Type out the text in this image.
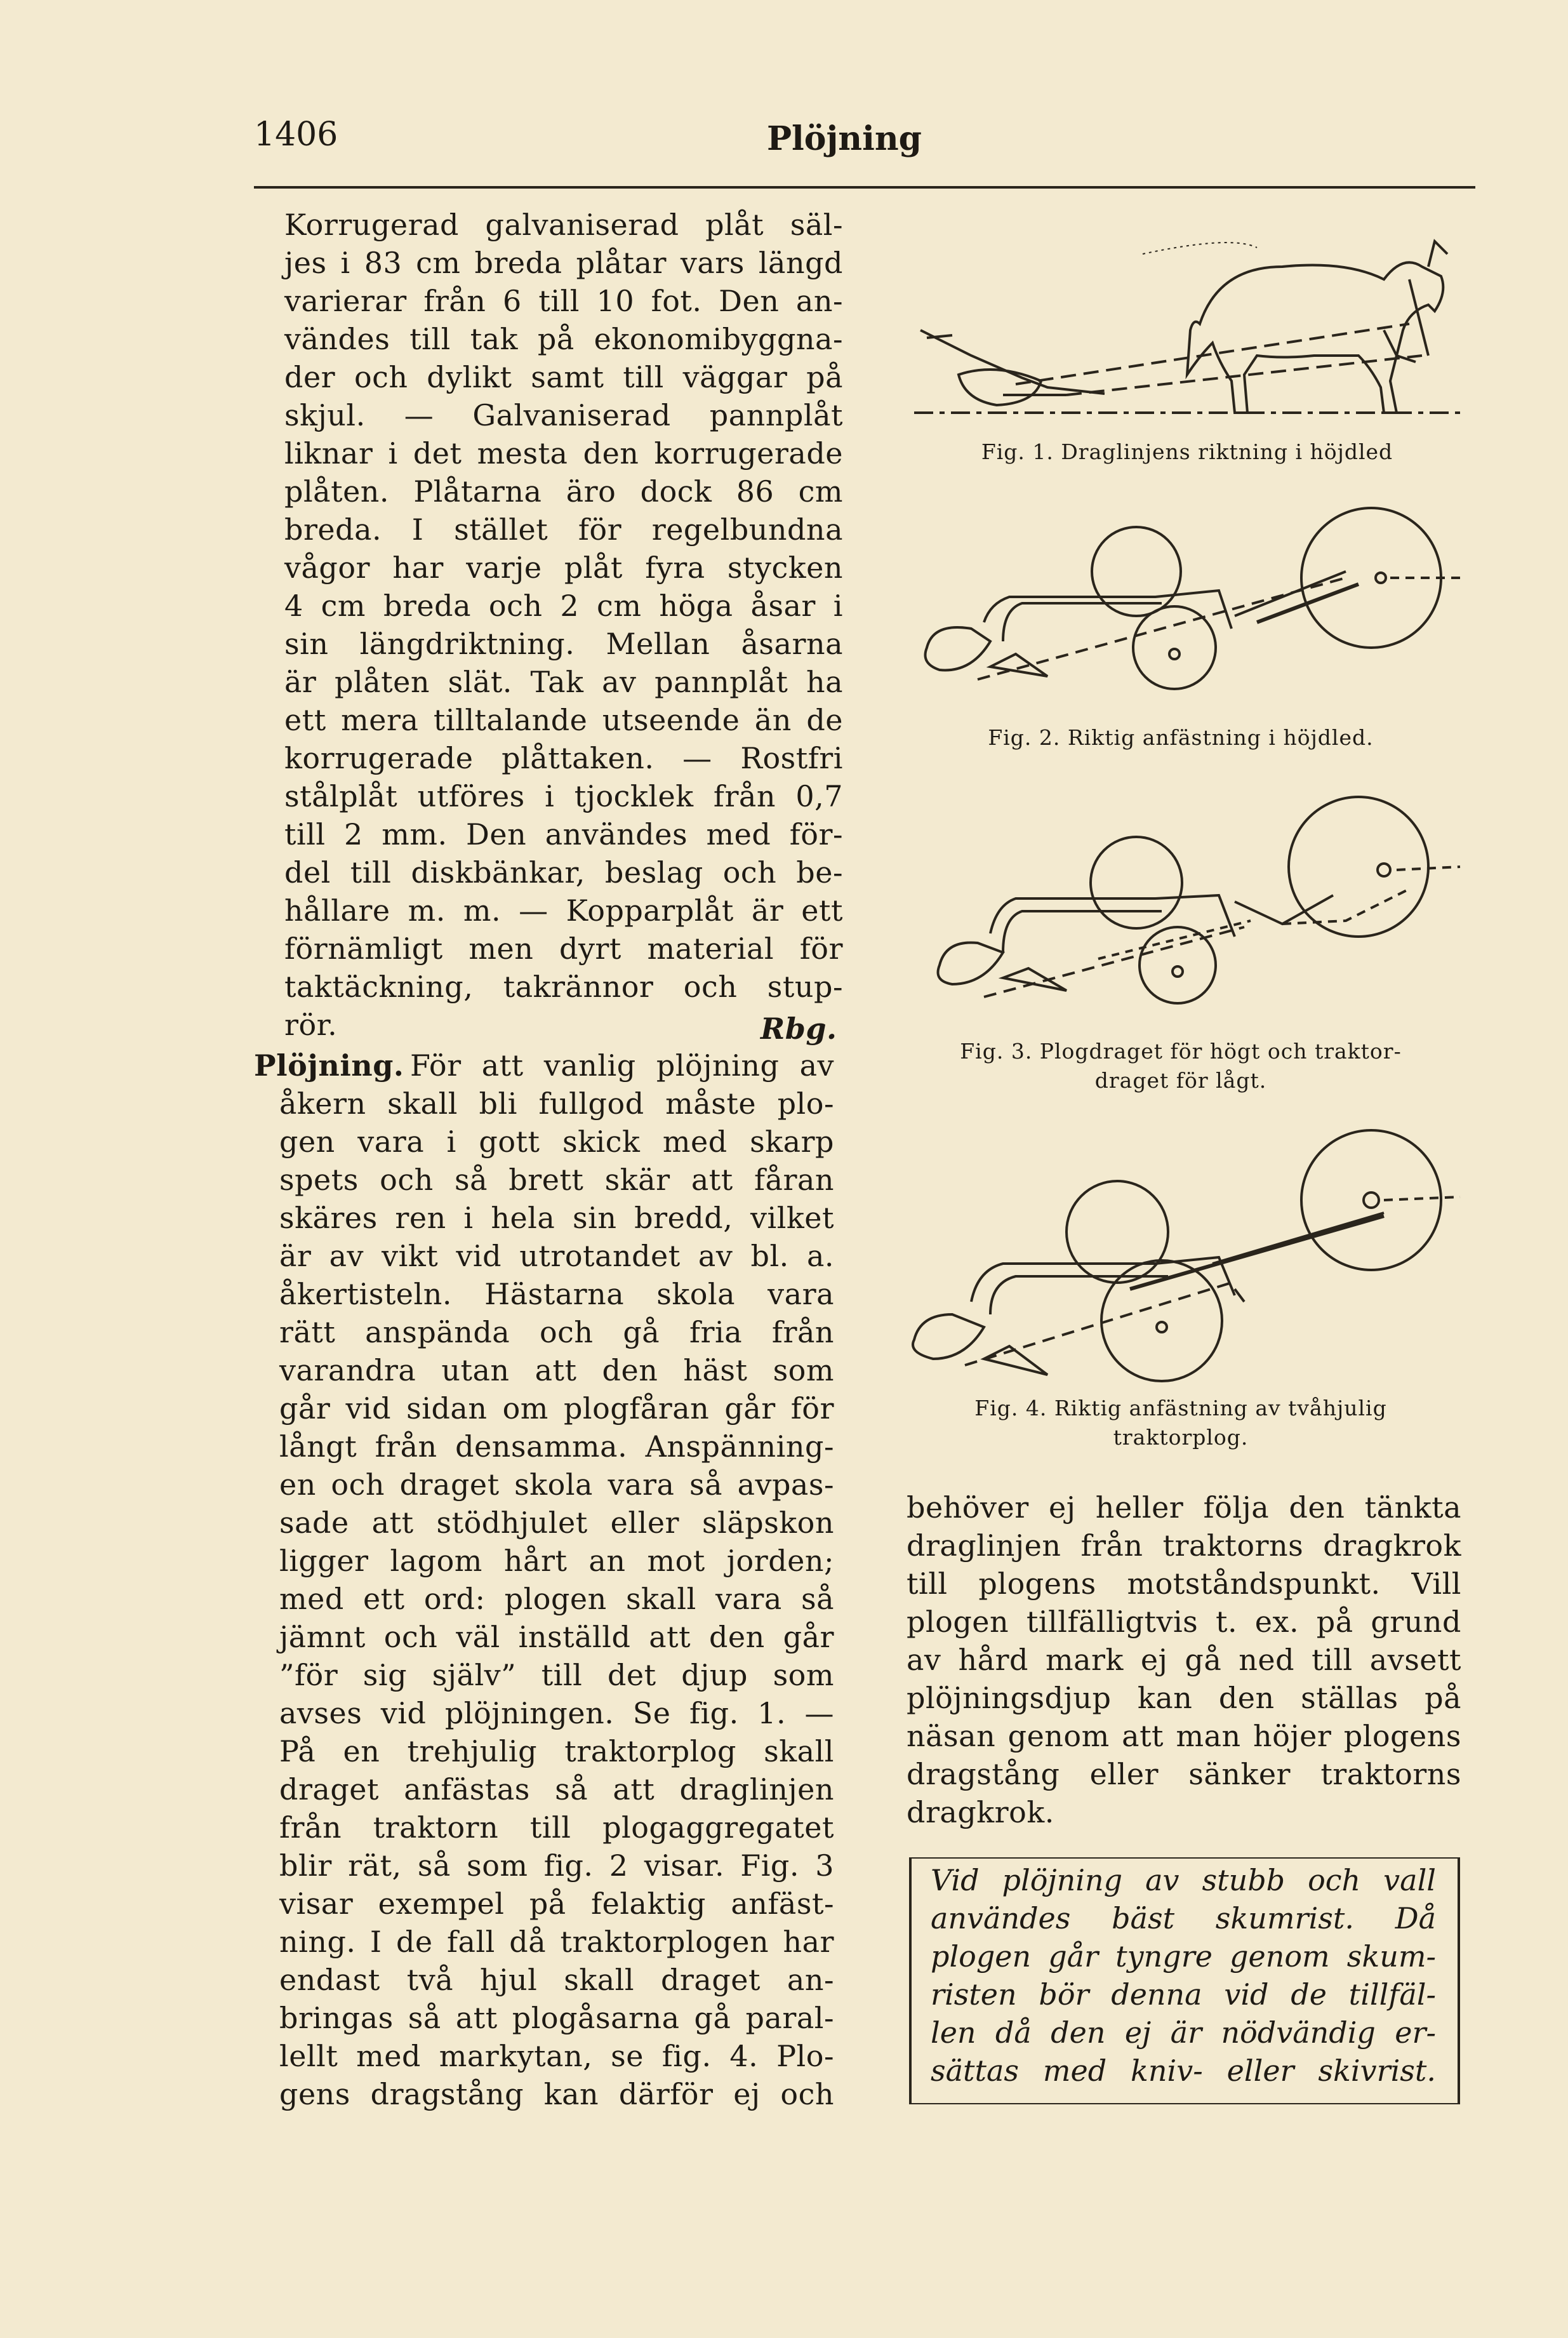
1406	Plöjning
Korrugerad galvaniserad plåt säl-
jes i 83 cm breda plåtar vars längd
varierar från 6 till 10 fot. Den an-
vändes till tak på ekonomibyggna-
der och dylikt samt till väggar på
skjul. — Galvaniserad pannplåt
liknar i det mesta den korrugerade
plåten. Plåtarna äro dock 86 cm
breda. I stället för regelbundna
vågor har varje plåt fyra stycken
4 cm breda och 2 cm höga åsar i
sin längdriktning. Mellan åsarna
är plåten slät. Tak av pannplåt ha
ett mera tilltalande utseende än de
korrugerade plåttaken. — Rostfri
stålplåt utföres i tjocklek från 0,7
till 2 mm. Den användes med för-
del till diskbänkar, beslag och be-
hållare m. m. — Kopparplåt är ett
förnämligt men dyrt material för
taktäckning, takrännor och stup-
rör.	Rbg.
Plöjning. För att vanlig plöjning av
åkern skall bli fullgod måste plo-
gen vara i gott skick med skarp
spets och så brett skär att fåran
skäres ren i hela sin bredd, vilket
är av vikt vid utrotandet av bl. a.
åkertisteln. Hästarna skola vara
rätt anspända och gå fria från
varandra utan att den häst som
går vid sidan om plogfåran går för
långt från densamma. Anspänning-
en och draget skola vara så avpas-
sade att stödhjulet eller släpskon
ligger lagom hårt an mot jorden;
med ett ord: plogen skall vara så
jämnt och väl inställd att den går
”för sig själv” till det djup som
avses vid plöjningen. Se fig. 1. —
På en trehjulig traktorplog skall
draget anfästas så att draglinjen
från traktorn till plogaggregatet
blir rät, så som fig. 2 visar. Fig. 3
visar exempel på felaktig anfäst-
ning. I de fall då traktorplogen har
endast två hjul skall draget an-
bringas så att plogåsarna gå paral-
lellt med markytan, se fig. 4. Plo-
gens dragstång kan därför ej och
Fig. 1. Draglinjens riktning i höjdled
Fig. 2. Riktig anfästning i höjdled.
Fig. 3. Plogdraget för högt och traktor-
draget för lågt.
Fig. 4. Riktig anfästning av tvåhjulig
traktorplog.
behöver ej heller följa den tänkta
draglinjen från traktorns dragkrok
till plogens motståndspunkt. Vill
plogen tillfälligtvis t. ex. på grund
av hård mark ej gå ned till avsett
plöjningsdjup kan den ställas på
näsan genom att man höjer plogens
dragstång eller sänker traktorns
dragkrok.
Vid plöjning av stubb och vall
användes bäst skumrist. Då
plogen går tyngre genom skum-
risten bör denna vid de tillfäl-
len då den ej är nödvändig er-
sättas med kniv- eller skivrist.
